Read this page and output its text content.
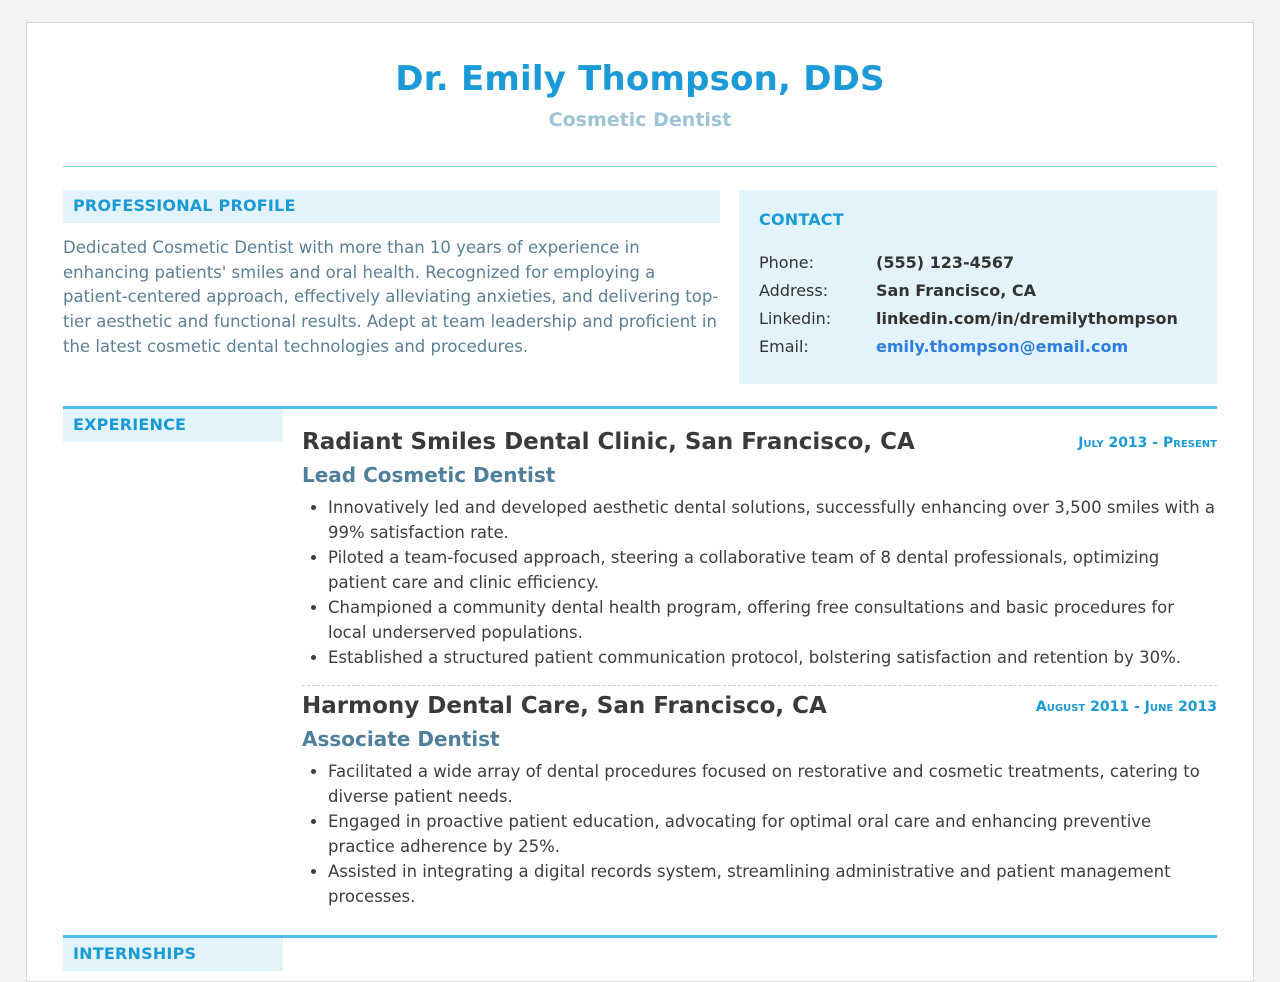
Dr. Emily Thompson, DDS
Cosmetic Dentist
PROFESSIONAL PROFILE
Dedicated Cosmetic Dentist with more than 10 years of experience in enhancing patients' smiles and oral health. Recognized for employing a patient-centered approach, effectively alleviating anxieties, and delivering top-tier aesthetic and functional results. Adept at team leadership and proficient in the latest cosmetic dental technologies and procedures.
CONTACT
Phone:	(555) 123-4567
Address:	San Francisco, CA
Linkedin:	linkedin.com/in/dremilythompson
Email:	emily.thompson@email.com
EXPERIENCE
Radiant Smiles Dental Clinic, San Francisco, CA	July 2013 - Present
Lead Cosmetic Dentist
Innovatively led and developed aesthetic dental solutions, successfully enhancing over 3,500 smiles with a 99% satisfaction rate.
Piloted a team-focused approach, steering a collaborative team of 8 dental professionals, optimizing patient care and clinic efficiency.
Championed a community dental health program, offering free consultations and basic procedures for local underserved populations.
Established a structured patient communication protocol, bolstering satisfaction and retention by 30%.
Harmony Dental Care, San Francisco, CA	August 2011 - June 2013
Associate Dentist
Facilitated a wide array of dental procedures focused on restorative and cosmetic treatments, catering to diverse patient needs.
Engaged in proactive patient education, advocating for optimal oral care and enhancing preventive practice adherence by 25%.
Assisted in integrating a digital records system, streamlining administrative and patient management processes.
INTERNSHIPS
